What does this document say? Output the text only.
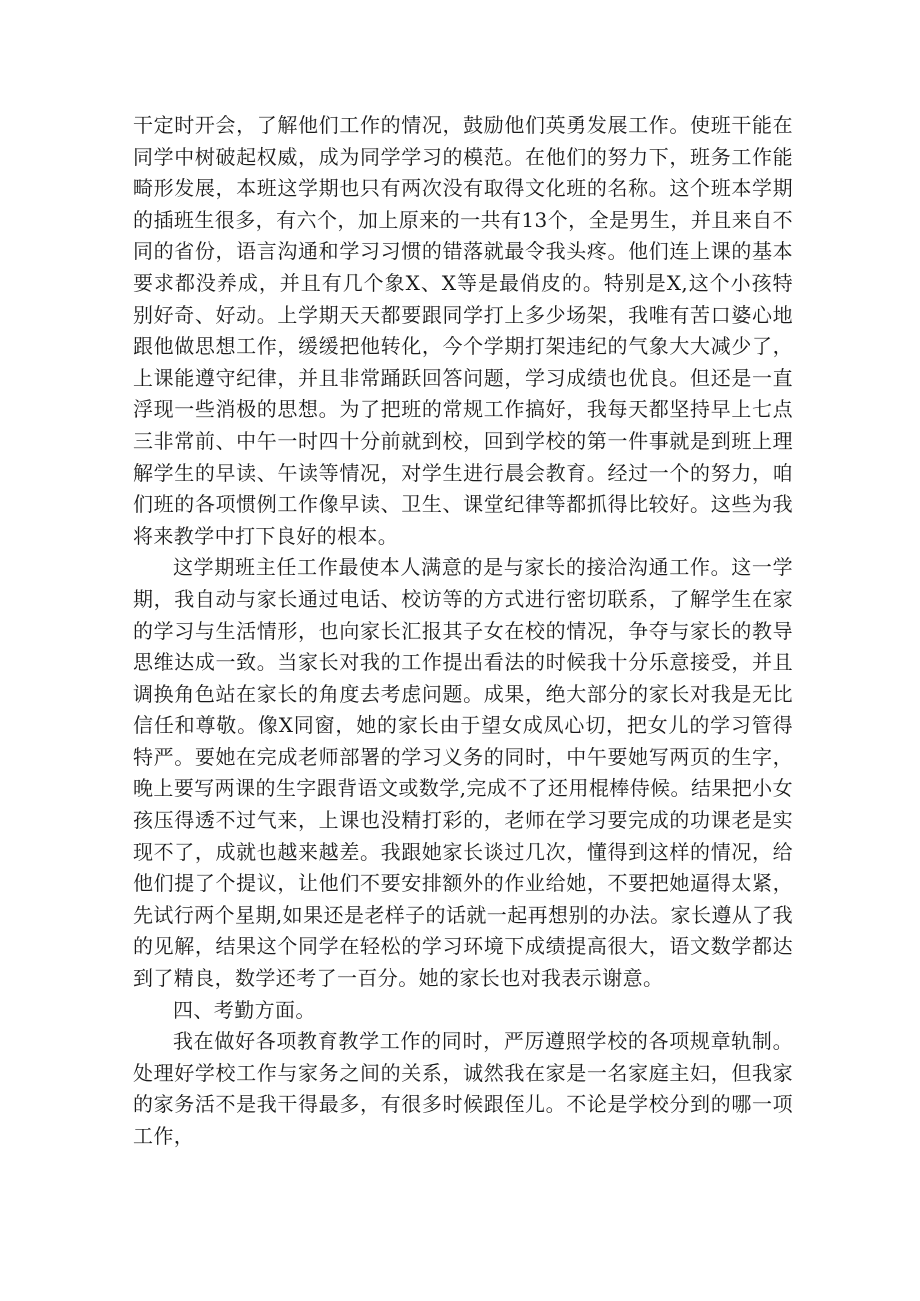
干定时开会，了解他们工作的情况，鼓励他们英勇发展工作。使班干能在同学中树破起权威，成为同学学习的模范。在他们的努力下，班务工作能畸形发展，本班这学期也只有两次没有取得文化班的名称。这个班本学期的插班生很多，有六个，加上原来的一共有13个，全是男生，并且来自不同的省份，语言沟通和学习习惯的错落就最令我头疼。他们连上课的基本要求都没养成，并且有几个象X、X等是最俏皮的。特别是X,这个小孩特别好奇、好动。上学期天天都要跟同学打上多少场架，我唯有苦口婆心地跟他做思想工作，缓缓把他转化，今个学期打架违纪的气象大大减少了，上课能遵守纪律，并且非常踊跃回答问题，学习成绩也优良。但还是一直浮现一些消极的思想。为了把班的常规工作搞好，我每天都坚持早上七点三非常前、中午一时四十分前就到校，回到学校的第一件事就是到班上理解学生的早读、午读等情况，对学生进行晨会教育。经过一个的努力，咱们班的各项惯例工作像早读、卫生、课堂纪律等都抓得比较好。这些为我将来教学中打下良好的根本。

这学期班主任工作最使本人满意的是与家长的接洽沟通工作。这一学期，我自动与家长通过电话、校访等的方式进行密切联系，了解学生在家的学习与生活情形，也向家长汇报其子女在校的情况，争夺与家长的教导思维达成一致。当家长对我的工作提出看法的时候我十分乐意接受，并且调换角色站在家长的角度去考虑问题。成果，绝大部分的家长对我是无比信任和尊敬。像X同窗，她的家长由于望女成凤心切，把女儿的学习管得特严。要她在完成老师部署的学习义务的同时，中午要她写两页的生字，晚上要写两课的生字跟背语文或数学,完成不了还用棍棒侍候。结果把小女孩压得透不过气来，上课也没精打彩的，老师在学习要完成的功课老是实现不了，成就也越来越差。我跟她家长谈过几次，懂得到这样的情况，给他们提了个提议，让他们不要安排额外的作业给她，不要把她逼得太紧，先试行两个星期,如果还是老样子的话就一起再想别的办法。家长遵从了我的见解，结果这个同学在轻松的学习环境下成绩提高很大，语文数学都达到了精良，数学还考了一百分。她的家长也对我表示谢意。

四、考勤方面。

我在做好各项教育教学工作的同时，严厉遵照学校的各项规章轨制。处理好学校工作与家务之间的关系，诚然我在家是一名家庭主妇，但我家的家务活不是我干得最多，有很多时候跟侄儿。不论是学校分到的哪一项工作，
